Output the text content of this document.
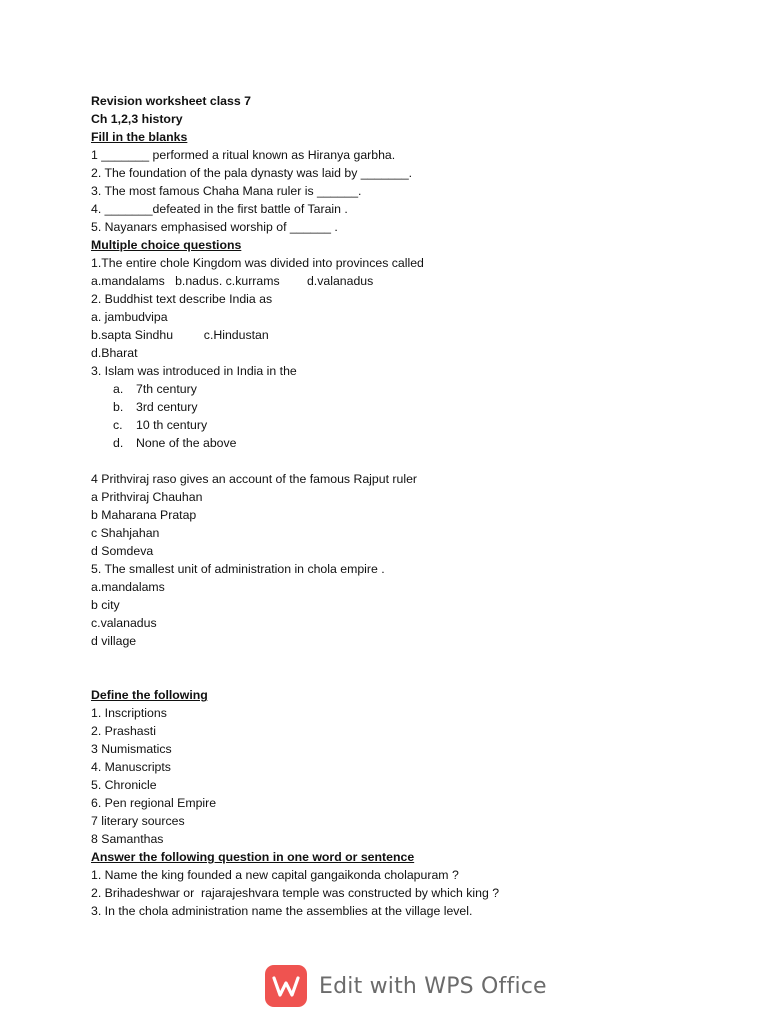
Revision worksheet class 7
Ch 1,2,3 history
Fill in the blanks
1 _______ performed a ritual known as Hiranya garbha.
2. The foundation of the pala dynasty was laid by _______.
3. The most famous Chaha Mana ruler is ______.
4. _______defeated in the first battle of Tarain .
5. Nayanars emphasised worship of ______ .
Multiple choice questions
1.The entire chole Kingdom was divided into provinces called
a.mandalams   b.nadus. c.kurrams        d.valanadus
2. Buddhist text describe India as
a. jambudvipa
b.sapta Sindhu         c.Hindustan
d.Bharat
3. Islam was introduced in India in the
a. 7th century
b. 3rd century
c. 10 th century
d. None of the above
4 Prithviraj raso gives an account of the famous Rajput ruler
a Prithviraj Chauhan
b Maharana Pratap
c Shahjahan
d Somdeva
5. The smallest unit of administration in chola empire .
a.mandalams
b city
c.valanadus
d village
Define the following
1. Inscriptions
2. Prashasti
3 Numismatics
4. Manuscripts
5. Chronicle
6. Pen regional Empire
7 literary sources
8 Samanthas
Answer the following question in one word or sentence
1. Name the king founded a new capital gangaikonda cholapuram ?
2. Brihadeshwar or  rajarajeshvara temple was constructed by which king ?
3. In the chola administration name the assemblies at the village level.
Edit with WPS Office
